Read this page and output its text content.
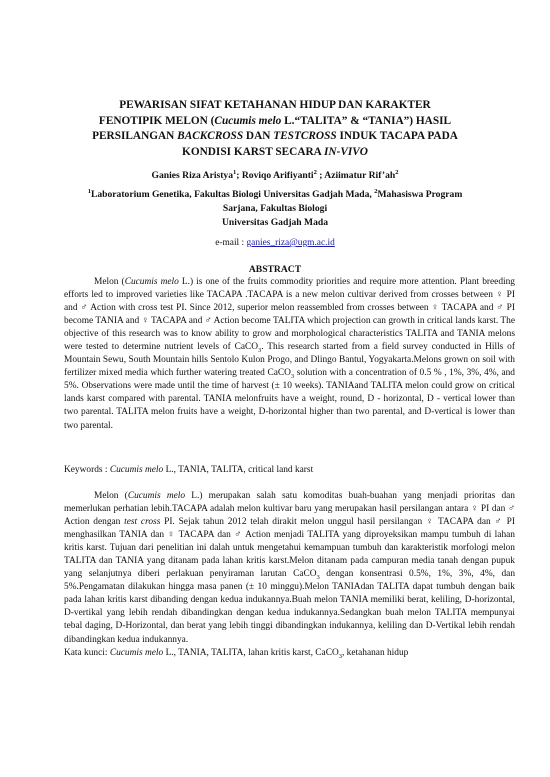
PEWARISAN SIFAT KETAHANAN HIDUP DAN KARAKTER
FENOTIPIK MELON (Cucumis melo L.“TALITA” & “TANIA”) HASIL
PERSILANGAN BACKCROSS DAN TESTCROSS INDUK TACAPA PADA
KONDISI KARST SECARA IN-VIVO
Ganies Riza Aristya$^1$; Roviqo Arifiyanti$^2$ ; Aziimatur $Rif’ah^2$
$^1$Laboratorium Genetika, Fakultas Biologi Universitas Gadjah Mada, $^2$Mahasiswa Program
Sarjana, Fakultas Biologi
Universitas Gadjah Mada
e-mail : ganies_riza@ugm.ac.id
ABSTRACT

Melon (Cucumis melo L.) is one of the fruits commodity priorities and require more attention. Plant breeding efforts led to improved varieties like TACAPA .TACAPA is a new melon cultivar derived from crosses between ♀ PI and ♂ Action with cross test PI. Since 2012, superior melon reassembled from crosses between ♀ TACAPA and ♂ PI become TANIA and ♀ TACAPA and ♂ Action become TALITA which projection can growth in critical lands karst. The objective of this research was to know ability to grow and morphological characteristics TALITA and TANIA melons were tested to determine nutrient levels of CaCO$_3$. This research started from a field survey conducted in Hills of Mountain Sewu, South Mountain hills Sentolo Kulon Progo, and Dlingo Bantul, Yogyakarta.Melons grown on soil with fertilizer mixed media which further watering treated CaCO$_3$ solution with a concentration of 0.5 % , 1%, 3%, 4%, and 5%. Observations were made until the time of harvest (± 10 weeks). TANIAand TALITA melon could grow on critical lands karst compared with parental. TANIA melonfruits have a weight, round, D - horizontal, D - vertical lower than two parental. TALITA melon fruits have a weight, D-horizontal higher than two parental, and D-vertical is lower than two parental.

Keywords : Cucumis melo L., TANIA, TALITA, critical land karst

Melon (Cucumis melo L.) merupakan salah satu komoditas buah-buahan yang menjadi prioritas dan memerlukan perhatian lebih.TACAPA adalah melon kultivar baru yang merupakan hasil persilangan antara ♀ PI dan ♂ Action dengan test cross PI. Sejak tahun 2012 telah dirakit melon unggul hasil persilangan ♀ TACAPA dan ♂ PI menghasilkan TANIA dan ♀ TACAPA dan ♂ Action menjadi TALITA yang diproyeksikan mampu tumbuh di lahan kritis karst. Tujuan dari penelitian ini dalah untuk mengetahui kemampuan tumbuh dan karakteristik morfologi melon TALITA dan TANIA yang ditanam pada lahan kritis karst.Melon ditanam pada campuran media tanah dengan pupuk yang selanjutnya diberi perlakuan penyiraman larutan CaCO$_3$ dengan konsentrasi 0.5%, 1%, 3%, 4%, dan 5%.Pengamatan dilakukan hingga masa panen (± 10 minggu).Melon TANIAdan TALITA dapat tumbuh dengan baik pada lahan kritis karst dibanding dengan kedua indukannya.Buah melon TANIA memiliki berat, keliling, D-horizontal, D-vertikal yang lebih rendah dibandingkan dengan kedua indukannya.Sedangkan buah melon TALITA mempunyai tebal daging, D-Horizontal, dan berat yang lebih tinggi dibandingkan indukannya, keliling dan D-Vertikal lebih rendah dibandingkan kedua indukannya.

Kata kunci: Cucumis melo L., TANIA, TALITA, lahan kritis karst, CaCO$_3$, ketahanan hidup
